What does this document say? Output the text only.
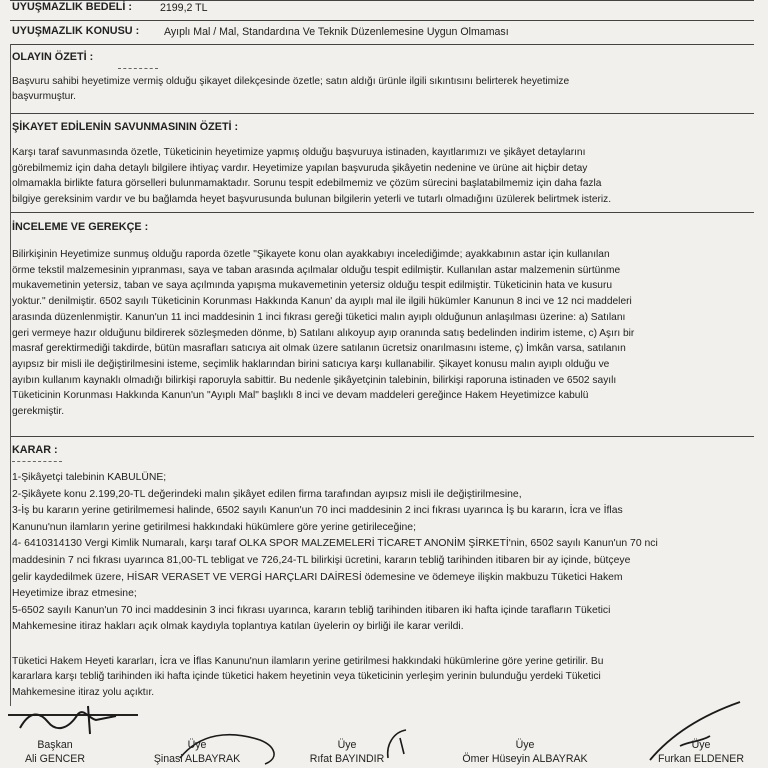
UYUŞMAZLIK BEDELİ :	2199,2 TL
UYUŞMAZLIK KONUSU : Ayıplı Mal / Mal, Standardına Ve Teknik Düzenlemesine Uygun Olmaması
OLAYIN ÖZETİ :
Başvuru sahibi heyetimize vermiş olduğu şikayet dilekçesinde özetle; satın aldığı ürünle ilgili sıkıntısını belirterek heyetimize
başvurmuştur.
ŞİKAYET EDİLENİN SAVUNMASININ ÖZETİ :
Karşı taraf savunmasında özetle, Tüketicinin heyetimize yapmış olduğu başvuruya istinaden, kayıtlarımızı ve şikâyet detaylarını
görebilmemiz için daha detaylı bilgilere ihtiyaç vardır. Heyetimize yapılan başvuruda şikâyetin nedenine ve ürüne ait hiçbir detay
olmamakla birlikte fatura görselleri bulunmamaktadır. Sorunu tespit edebilmemiz ve çözüm sürecini başlatabilmemiz için daha fazla
bilgiye gereksinim vardır ve bu bağlamda heyet başvurusunda bulunan bilgilerin yeterli ve tutarlı olmadığını üzülerek belirtmek isteriz.
İNCELEME VE GEREKÇE :
Bilirkişinin Heyetimize sunmuş olduğu raporda özetle "Şikayete konu olan ayakkabıyı incelediğimde; ayakkabının astar için kullanılan
örme tekstil malzemesinin yıpranması, saya ve taban arasında açılmalar olduğu tespit edilmiştir. Kullanılan astar malzemenin sürtünme
mukavemetinin yetersiz, taban ve saya açılmında yapışma mukavemetinin yetersiz olduğu tespit edilmiştir. Tüketicinin hata ve kusuru
yoktur." denilmiştir. 6502 sayılı Tüketicinin Korunması Hakkında Kanun' da ayıplı mal ile ilgili hükümler Kanunun 8 inci ve 12 nci maddeleri
arasında düzenlenmiştir. Kanun'un 11 inci maddesinin 1 inci fıkrası gereği tüketici malın ayıplı olduğunun anlaşılması üzerine: a) Satılanı
geri vermeye hazır olduğunu bildirerek sözleşmeden dönme, b) Satılanı alıkoyup ayıp oranında satış bedelinden indirim isteme, c) Aşırı bir
masraf gerektirmediği takdirde, bütün masrafları satıcıya ait olmak üzere satılanın ücretsiz onarılmasını isteme, ç) İmkân varsa, satılanın
ayıpsız bir misli ile değiştirilmesini isteme, seçimlik haklarından birini satıcıya karşı kullanabilir. Şikayet konusu malın ayıplı olduğu ve
ayıbın kullanım kaynaklı olmadığı bilirkişi raporuyla sabittir. Bu nedenle şikâyetçinin talebinin, bilirkişi raporuna istinaden ve 6502 sayılı
Tüketicinin Korunması Hakkında Kanun'un "Ayıplı Mal" başlıklı 8 inci ve devam maddeleri gereğince Hakem Heyetimizce kabulü
gerekmiştir.
KARAR :
1-Şikâyetçi talebinin KABULÜNE;
2-Şikâyete konu 2.199,20-TL değerindeki malın şikâyet edilen firma tarafından ayıpsız misli ile değiştirilmesine,
3-İş bu kararın yerine getirilmemesi halinde, 6502 sayılı Kanun'un 70 inci maddesinin 2 inci fıkrası uyarınca İş bu kararın, İcra ve İflas
Kanunu'nun ilamların yerine getirilmesi hakkındaki hükümlere göre yerine getirileceğine;
4- 6410314130 Vergi Kimlik Numaralı, karşı taraf OLKA SPOR MALZEMELERİ TİCARET ANONİM ŞİRKETİ'nin, 6502 sayılı Kanun'un 70 nci
maddesinin 7 nci fıkrası uyarınca 81,00-TL tebligat ve 726,24-TL bilirkişi ücretini, kararın tebliğ tarihinden itibaren bir ay içinde, bütçeye
gelir kaydedilmek üzere, HİSAR VERASET VE VERGİ HARÇLARI DAİRESİ ödemesine ve ödemeye ilişkin makbuzu Tüketici Hakem
Heyetimize ibraz etmesine;
5-6502 sayılı Kanun'un 70 inci maddesinin 3 inci fıkrası uyarınca, kararın tebliğ tarihinden itibaren iki hafta içinde tarafların Tüketici
Mahkemesine itiraz hakları açık olmak kaydıyla toplantıya katılan üyelerin oy birliği ile karar verildi.
Tüketici Hakem Heyeti kararları, İcra ve İflas Kanunu'nun ilamların yerine getirilmesi hakkındaki hükümlerine göre yerine getirilir. Bu
kararlara karşı tebliğ tarihinden iki hafta içinde tüketici hakem heyetinin veya tüketicinin yerleşim yerinin bulunduğu yerdeki Tüketici
Mahkemesine itiraz yolu açıktır.
Başkan
Ali GENCER
Üye
Şinasi ALBAYRAK
Üye
Rıfat BAYINDIR
Üye
Ömer Hüseyin ALBAYRAK
Üye
Furkan ELDENER
